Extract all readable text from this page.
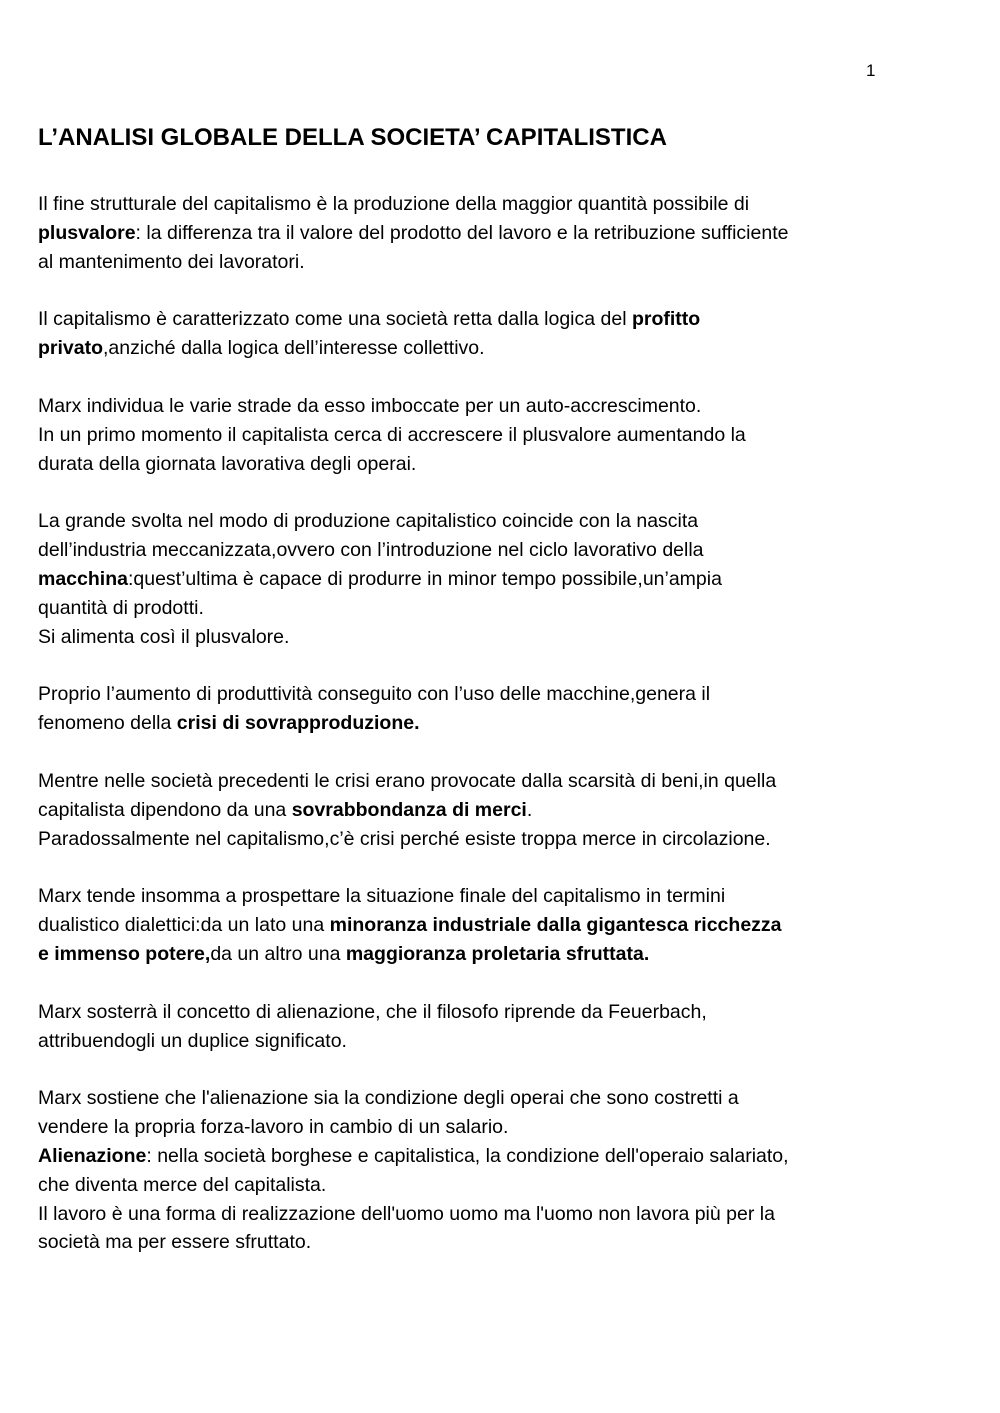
1
L’ANALISI GLOBALE DELLA SOCIETA’ CAPITALISTICA

Il fine strutturale del capitalismo è la produzione della maggior quantità possibile di
plusvalore: la differenza tra il valore del prodotto del lavoro e la retribuzione sufficiente
al mantenimento dei lavoratori.

Il capitalismo è caratterizzato come una società retta dalla logica del profitto
privato,anziché dalla logica dell’interesse collettivo.

Marx individua le varie strade da esso imboccate per un auto-accrescimento.
In un primo momento il capitalista cerca di accrescere il plusvalore aumentando la
durata della giornata lavorativa degli operai.

La grande svolta nel modo di produzione capitalistico coincide con la nascita
dell’industria meccanizzata,ovvero con l’introduzione nel ciclo lavorativo della
macchina:quest’ultima è capace di produrre in minor tempo possibile,un’ampia
quantità di prodotti.
Si alimenta così il plusvalore.

Proprio l’aumento di produttività conseguito con l’uso delle macchine,genera il
fenomeno della crisi di sovrapproduzione.

Mentre nelle società precedenti le crisi erano provocate dalla scarsità di beni,in quella
capitalista dipendono da una sovrabbondanza di merci.
Paradossalmente nel capitalismo,c’è crisi perché esiste troppa merce in circolazione.

Marx tende insomma a prospettare la situazione finale del capitalismo in termini
dualistico dialettici:da un lato una minoranza industriale dalla gigantesca ricchezza
e immenso potere,da un altro una maggioranza proletaria sfruttata.

Marx sosterrà il concetto di alienazione, che il filosofo riprende da Feuerbach,
attribuendogli un duplice significato.

Marx sostiene che l'alienazione sia la condizione degli operai che sono costretti a
vendere la propria forza-lavoro in cambio di un salario.
Alienazione: nella società borghese e capitalistica, la condizione dell'operaio salariato,
che diventa merce del capitalista.
Il lavoro è una forma di realizzazione dell'uomo uomo ma l'uomo non lavora più per la
società ma per essere sfruttato.
